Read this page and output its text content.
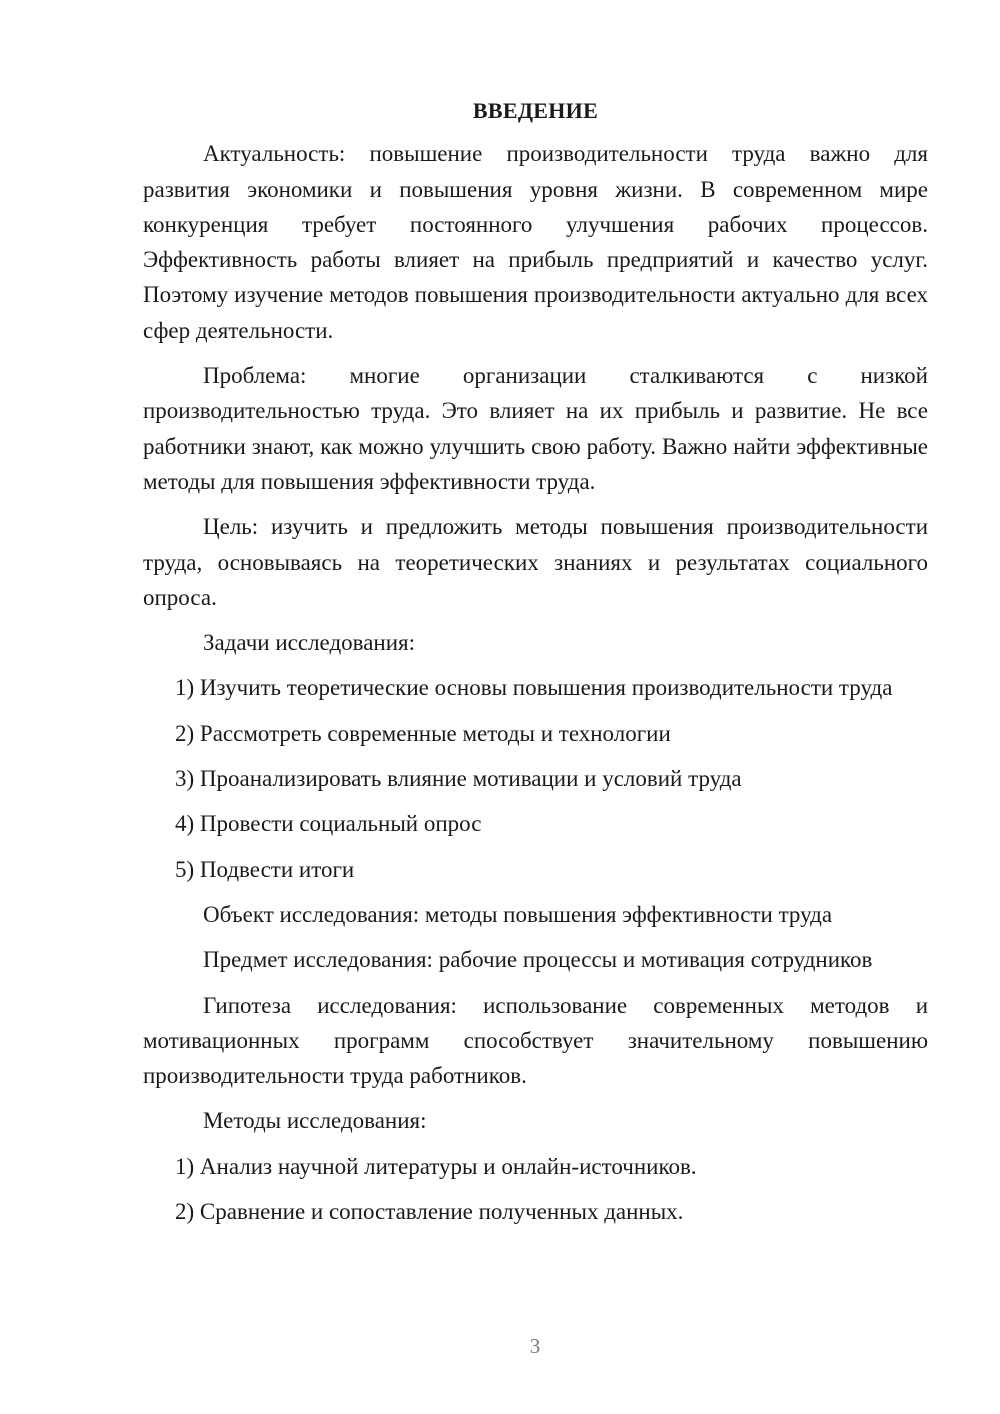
ВВЕДЕНИЕ

Актуальность: повышение производительности труда важно для развития экономики и повышения уровня жизни. В современном мире конкуренция требует постоянного улучшения рабочих процессов. Эффективность работы влияет на прибыль предприятий и качество услуг. Поэтому изучение методов повышения производительности актуально для всех сфер деятельности.

Проблема: многие организации сталкиваются с низкой производительностью труда. Это влияет на их прибыль и развитие. Не все работники знают, как можно улучшить свою работу. Важно найти эффективные методы для повышения эффективности труда.

Цель: изучить и предложить методы повышения производительности труда, основываясь на теоретических знаниях и результатах социального опроса.

Задачи исследования:

1) Изучить теоретические основы повышения производительности труда

2) Рассмотреть современные методы и технологии

3) Проанализировать влияние мотивации и условий труда

4) Провести социальный опрос

5) Подвести итоги

Объект исследования: методы повышения эффективности труда

Предмет исследования: рабочие процессы и мотивация сотрудников

Гипотеза исследования: использование современных методов и мотивационных программ способствует значительному повышению производительности труда работников.

Методы исследования:

1) Анализ научной литературы и онлайн-источников.

2) Сравнение и сопоставление полученных данных.

3
